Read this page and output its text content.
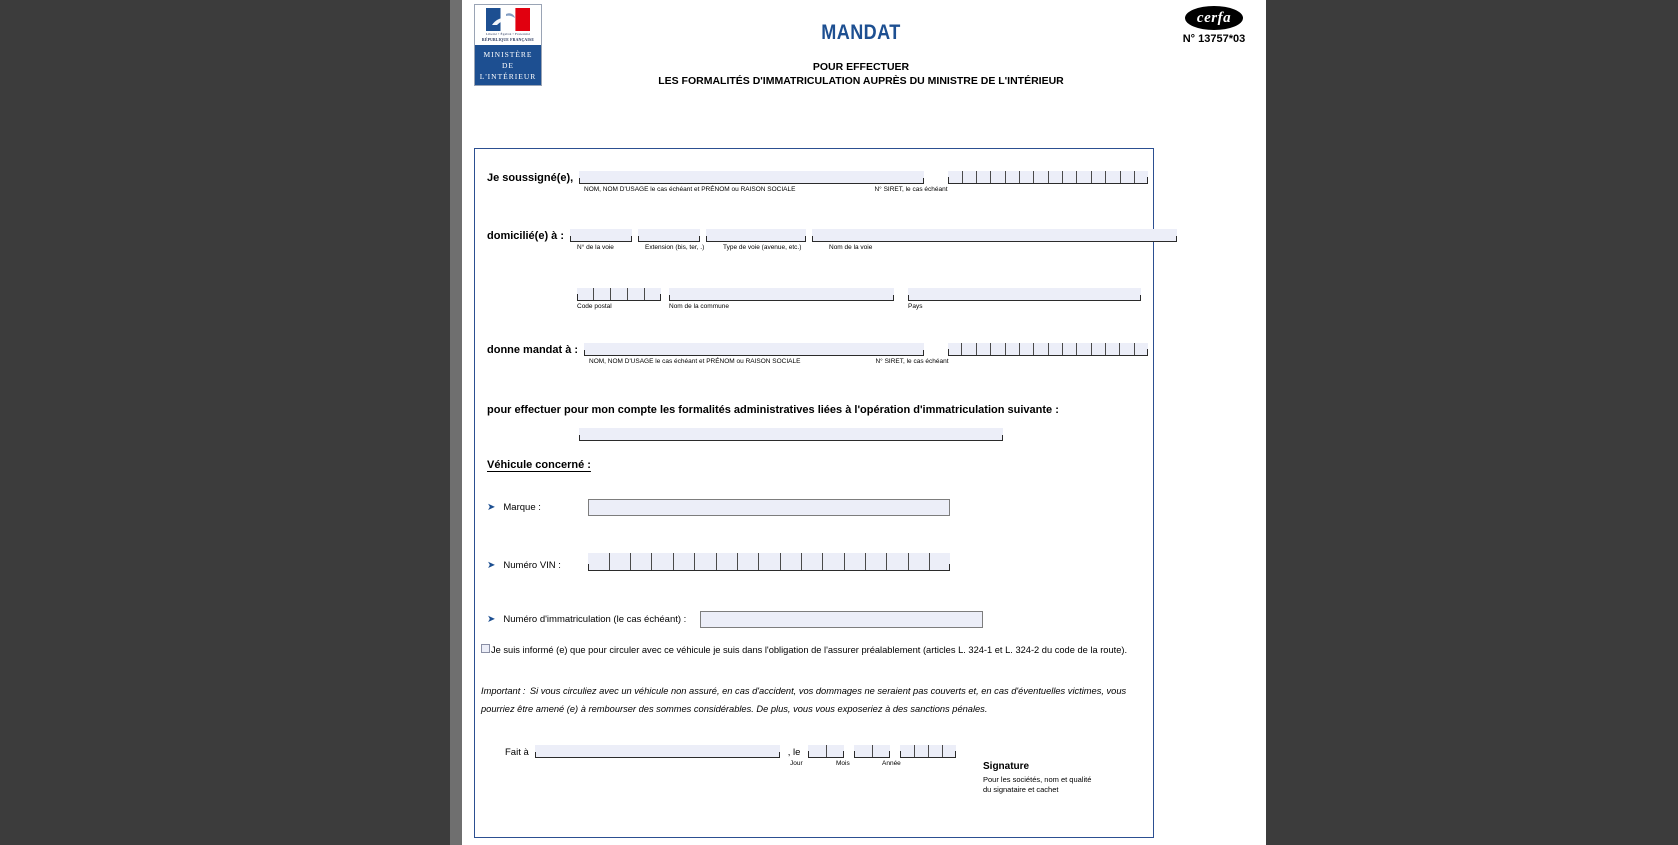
Liberté • Égalité • Fraternité
RÉPUBLIQUE FRANÇAISE
MINISTÈRE
DE
L'INTÉRIEUR
MANDAT
POUR EFFECTUER
LES FORMALITÉS D'IMMATRICULATION AUPRÈS DU MINISTRE DE L'INTÉRIEUR
cerfa
N° 13757*03
Je soussigné(e),
NOM, NOM D'USAGE le cas échéant et PRÉNOM ou RAISON SOCIALE	N° SIRET, le cas échéant
domicilié(e) à :
N° de la voie	Extension (bis, ter, .)	Type de voie (avenue, etc.)	Nom de la voie
Code postal	Nom de la commune	Pays
donne mandat à :
NOM, NOM D'USAGE le cas échéant et PRÉNOM ou RAISON SOCIALE	N° SIRET, le cas échéant
pour effectuer pour mon compte les formalités administratives liées à l'opération d'immatriculation suivante :
Véhicule concerné :
➤ Marque :
➤ Numéro VIN :
➤ Numéro d'immatriculation (le cas échéant) :
Je suis informé (e) que pour circuler avec ce véhicule je suis dans l'obligation de l'assurer préalablement (articles L. 324-1 et L. 324-2 du code de la route).
Important : Si vous circuliez avec un véhicule non assuré, en cas d'accident, vos dommages ne seraient pas couverts et, en cas d'éventuelles victimes, vous pourriez être amené (e) à rembourser des sommes considérables. De plus, vous vous exposeriez à des sanctions pénales.
Fait à	, le
Jour	Mois	Année	Signature
Pour les sociétés, nom et qualité
du signataire et cachet
